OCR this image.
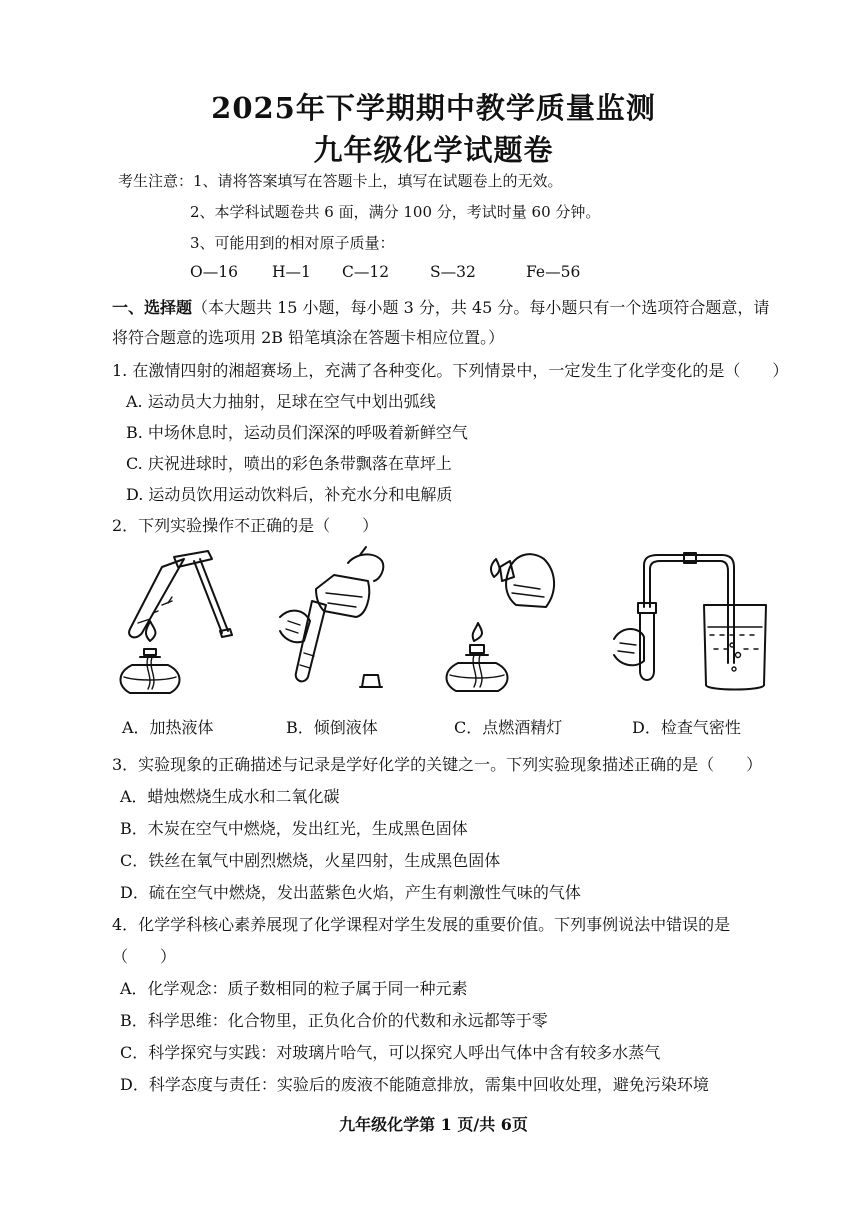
2025年下学期期中教学质量监测
九年级化学试题卷
考生注意：1、请将答案填写在答题卡上，填写在试题卷上的无效。
2、本学科试题卷共 6 面，满分 100 分，考试时量 60 分钟。
3、可能用到的相对原子质量：
O—16 H—1 C—12	S—32	Fe—56
一、选择题（本大题共 15 小题，每小题 3 分，共 45 分。每小题只有一个选项符合题意，请
将符合题意的选项用 2B 铅笔填涂在答题卡相应位置。）
1. 在激情四射的湘超赛场上，充满了各种变化。下列情景中，一定发生了化学变化的是（　　）
A. 运动员大力抽射，足球在空气中划出弧线
B. 中场休息时，运动员们深深的呼吸着新鲜空气
C. 庆祝进球时，喷出的彩色条带飘落在草坪上
D. 运动员饮用运动饮料后，补充水分和电解质
2．下列实验操作不正确的是（　　）
A．加热液体	B．倾倒液体	C．点燃酒精灯	D．检查气密性
3．实验现象的正确描述与记录是学好化学的关键之一。下列实验现象描述正确的是（　　）
A．蜡烛燃烧生成水和二氧化碳
B．木炭在空气中燃烧，发出红光，生成黑色固体
C．铁丝在氧气中剧烈燃烧，火星四射，生成黑色固体
D．硫在空气中燃烧，发出蓝紫色火焰，产生有刺激性气味的气体
4．化学学科核心素养展现了化学课程对学生发展的重要价值。下列事例说法中错误的是
（　　）
A．化学观念：质子数相同的粒子属于同一种元素
B．科学思维：化合物里，正负化合价的代数和永远都等于零
C．科学探究与实践：对玻璃片哈气，可以探究人呼出气体中含有较多水蒸气
D．科学态度与责任：实验后的废液不能随意排放，需集中回收处理，避免污染环境
九年级化学第 1 页/共 6页
